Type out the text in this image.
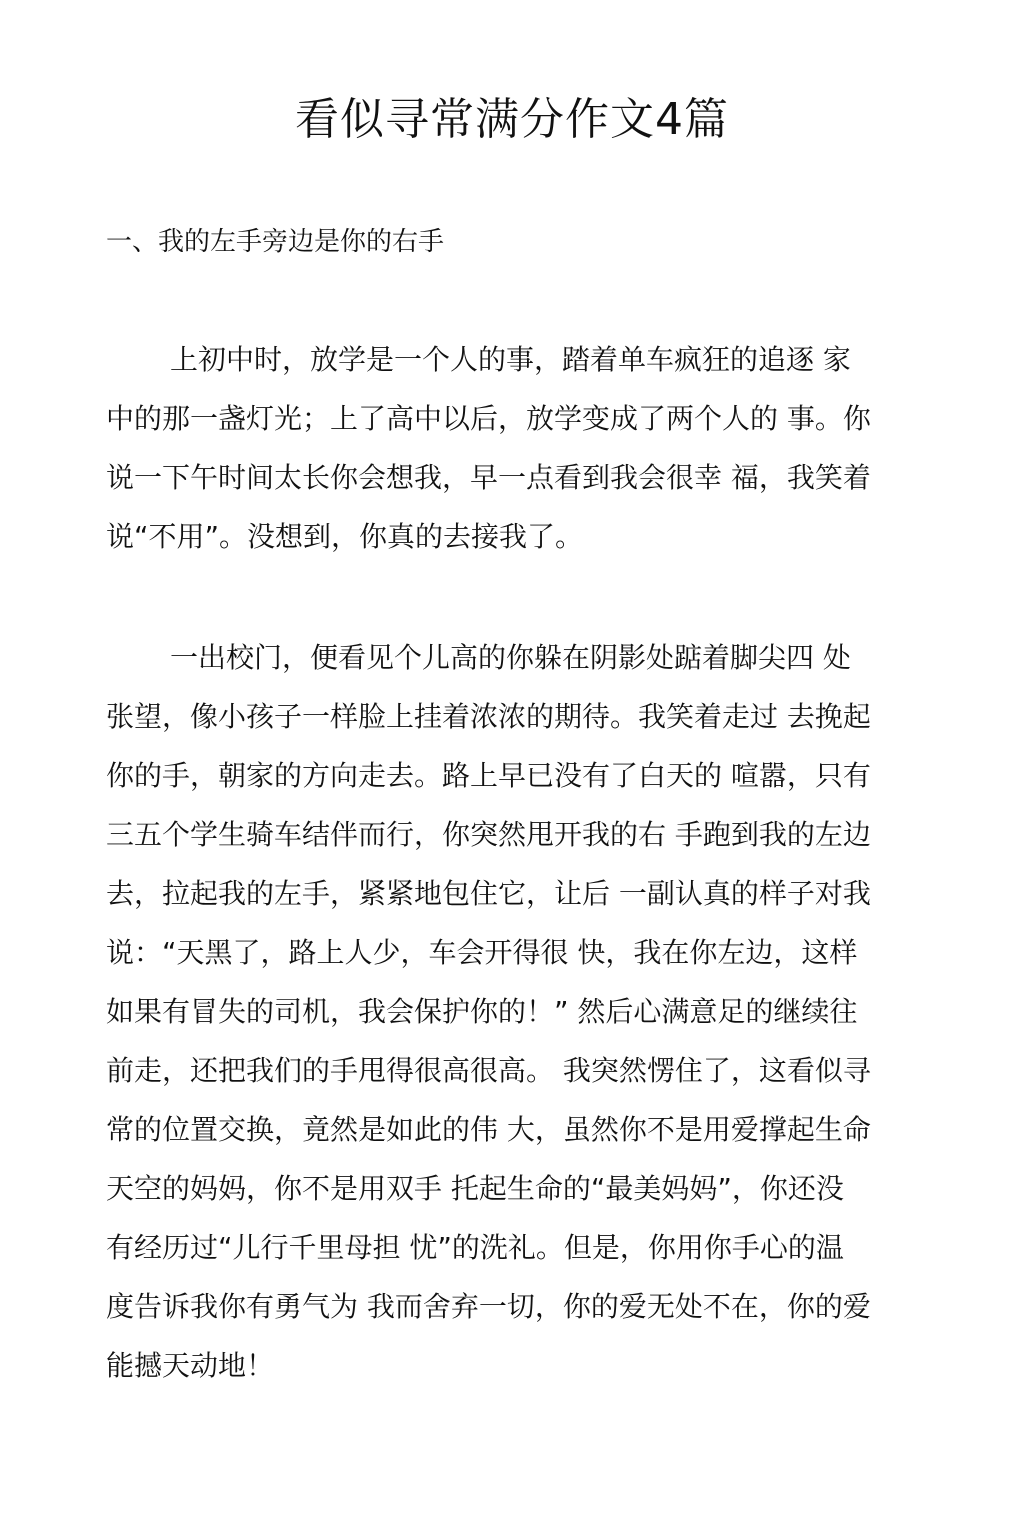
看似寻常满分作文4篇
一、我的左手旁边是你的右手

上初中时，放学是一个人的事，踏着单车疯狂的追逐 家
中的那一盏灯光；上了高中以后，放学变成了两个人的 事。你
说一下午时间太长你会想我，早一点看到我会很幸 福，我笑着
说“不用”。没想到，你真的去接我了。

一出校门，便看见个儿高的你躲在阴影处踮着脚尖四 处
张望，像小孩子一样脸上挂着浓浓的期待。我笑着走过 去挽起
你的手，朝家的方向走去。路上早已没有了白天的 喧嚣，只有
三五个学生骑车结伴而行，你突然甩开我的右 手跑到我的左边
去，拉起我的左手，紧紧地包住它，让后 一副认真的样子对我
说：“天黑了，路上人少，车会开得很 快，我在你左边，这样
如果有冒失的司机，我会保护你的！” 然后心满意足的继续往
前走，还把我们的手甩得很高很高。 我突然愣住了，这看似寻
常的位置交换，竟然是如此的伟 大，虽然你不是用爱撑起生命
天空的妈妈，你不是用双手 托起生命的“最美妈妈”，你还没
有经历过“儿行千里母担 忧”的洗礼。但是，你用你手心的温
度告诉我你有勇气为 我而舍弃一切，你的爱无处不在，你的爱
能撼天动地！
